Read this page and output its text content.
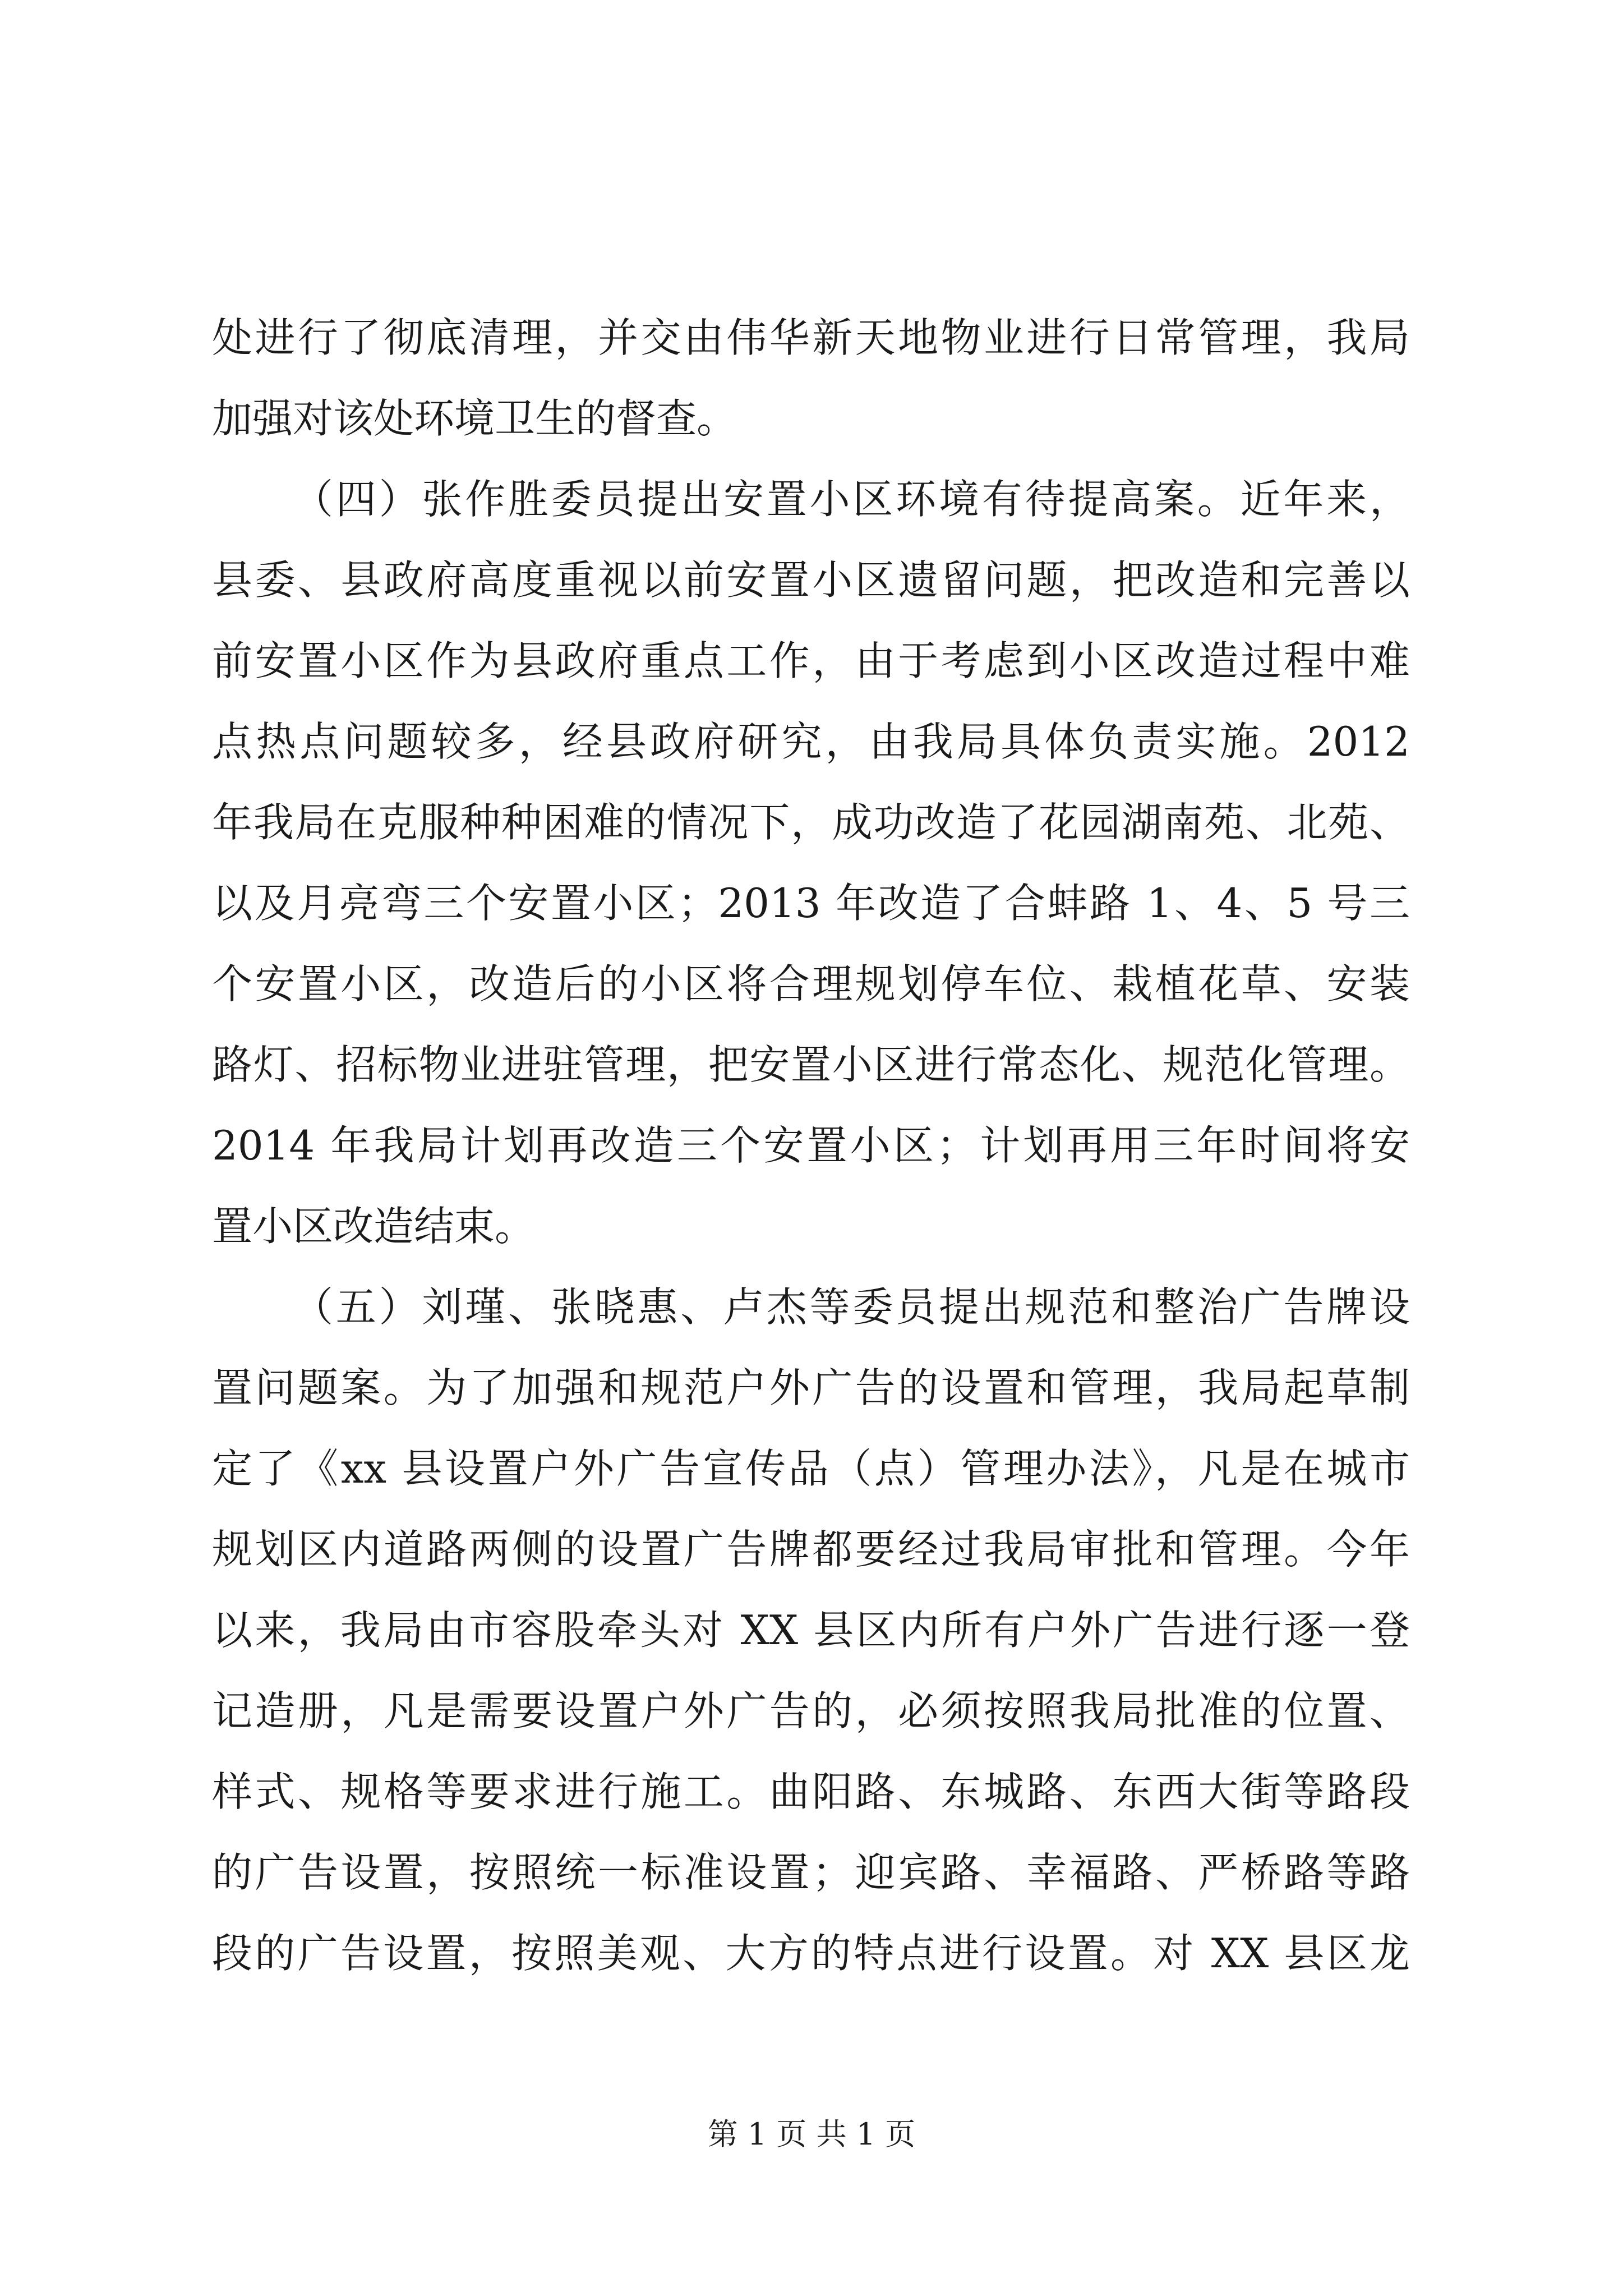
处进行了彻底清理，并交由伟华新天地物业进行日常管理，我局
加强对该处环境卫生的督查。
（四）张作胜委员提出安置小区环境有待提高案。近年来，
县委、县政府高度重视以前安置小区遗留问题，把改造和完善以
前安置小区作为县政府重点工作，由于考虑到小区改造过程中难
点热点问题较多，经县政府研究，由我局具体负责实施。2012
年我局在克服种种困难的情况下，成功改造了花园湖南苑、北苑、
以及月亮弯三个安置小区；2013 年改造了合蚌路 1、4、5 号三
个安置小区，改造后的小区将合理规划停车位、栽植花草、安装
路灯、招标物业进驻管理，把安置小区进行常态化、规范化管理。
2014 年我局计划再改造三个安置小区；计划再用三年时间将安
置小区改造结束。
（五）刘瑾、张晓惠、卢杰等委员提出规范和整治广告牌设
置问题案。为了加强和规范户外广告的设置和管理，我局起草制
定了《xx 县设置户外广告宣传品（点）管理办法》，凡是在城市
规划区内道路两侧的设置广告牌都要经过我局审批和管理。今年
以来，我局由市容股牵头对 XX 县区内所有户外广告进行逐一登
记造册，凡是需要设置户外广告的，必须按照我局批准的位置、
样式、规格等要求进行施工。曲阳路、东城路、东西大街等路段
的广告设置，按照统一标准设置；迎宾路、幸福路、严桥路等路
段的广告设置，按照美观、大方的特点进行设置。对 XX 县区龙
第 1 页 共 1 页
